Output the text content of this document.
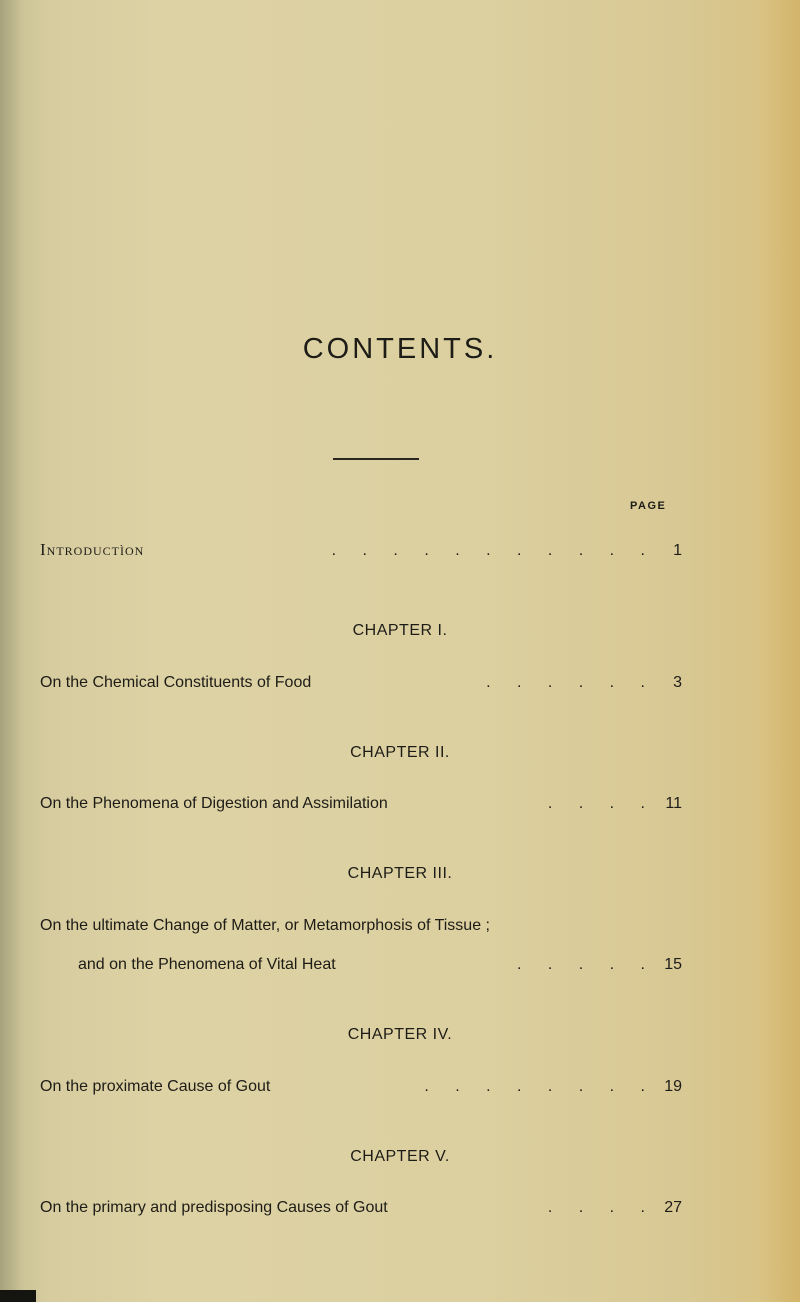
CONTENTS.
PAGE
Introductìon	. . . . . . . . . . .	1
CHAPTER I.
On the Chemical Constituents of Food	. . . . . .	3
CHAPTER II.
On the Phenomena of Digestion and Assimilation	. . . . 11
CHAPTER III.
On the ultimate Change of Matter, or Metamorphosis of Tissue ;
and on the Phenomena of Vital Heat	. . . . . 15
CHAPTER IV.
On the proximate Cause of Gout	. . . . . . . . 19
CHAPTER V.
On the primary and predisposing Causes of Gout	. . . . 27
